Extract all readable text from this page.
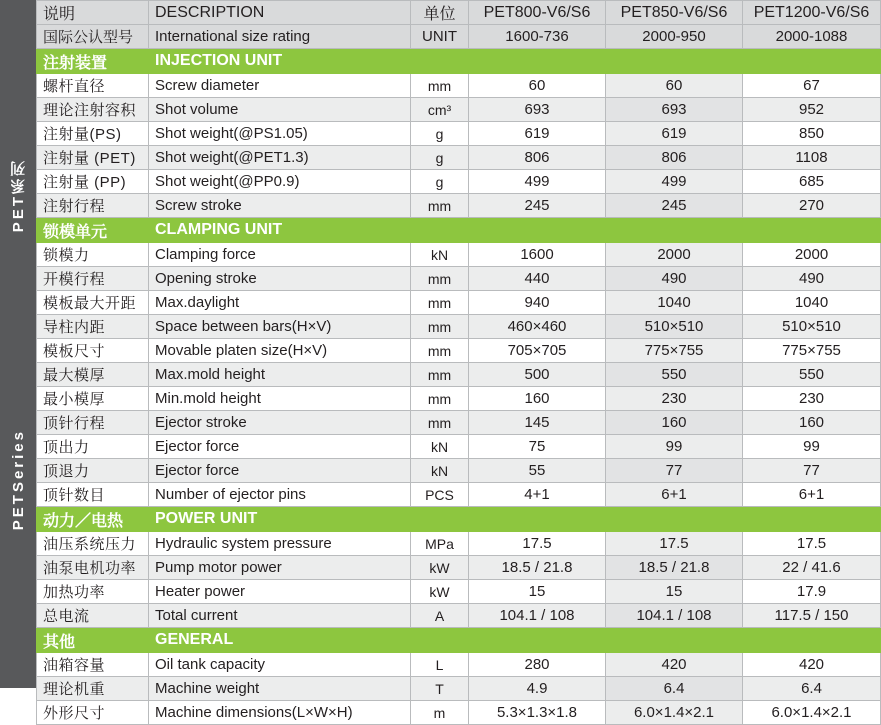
PET系列
PETSeries
说明	DESCRIPTION	单位	PET800-V6/S6	PET850-V6/S6	PET1200-V6/S6
国际公认型号	International size rating	UNIT	1600-736	2000-950	2000-1088
注射装置	INJECTION UNIT				
螺杆直径	Screw diameter	mm	60	60	67
理论注射容积	Shot volume	cm³	693	693	952
注射量(PS)	Shot weight(@PS1.05)	g	619	619	850
注射量 (PET)	Shot weight(@PET1.3)	g	806	806	1108
注射量 (PP)	Shot weight(@PP0.9)	g	499	499	685
注射行程	Screw stroke	mm	245	245	270
锁模单元	CLAMPING UNIT				
锁模力	Clamping force	kN	1600	2000	2000
开模行程	Opening stroke	mm	440	490	490
模板最大开距	Max.daylight	mm	940	1040	1040
导柱内距	Space between bars(H×V)	mm	460×460	510×510	510×510
模板尺寸	Movable platen size(H×V)	mm	705×705	775×755	775×755
最大模厚	Max.mold height	mm	500	550	550
最小模厚	Min.mold height	mm	160	230	230
顶针行程	Ejector stroke	mm	145	160	160
顶出力	Ejector force	kN	75	99	99
顶退力	Ejector force	kN	55	77	77
顶针数目	Number of ejector pins	PCS	4+1	6+1	6+1
动力／电热	POWER UNIT				
油压系统压力	Hydraulic system pressure	MPa	17.5	17.5	17.5
油泵电机功率	Pump motor power	kW	18.5 / 21.8	18.5 / 21.8	22 / 41.6
加热功率	Heater power	kW	15	15	17.9
总电流	Total current	A	104.1 / 108	104.1 / 108	117.5 / 150
其他	GENERAL				
油箱容量	Oil tank capacity	L	280	420	420
理论机重	Machine weight	T	4.9	6.4	6.4
外形尺寸	Machine dimensions(L×W×H)	m	5.3×1.3×1.8	6.0×1.4×2.1	6.0×1.4×2.1
